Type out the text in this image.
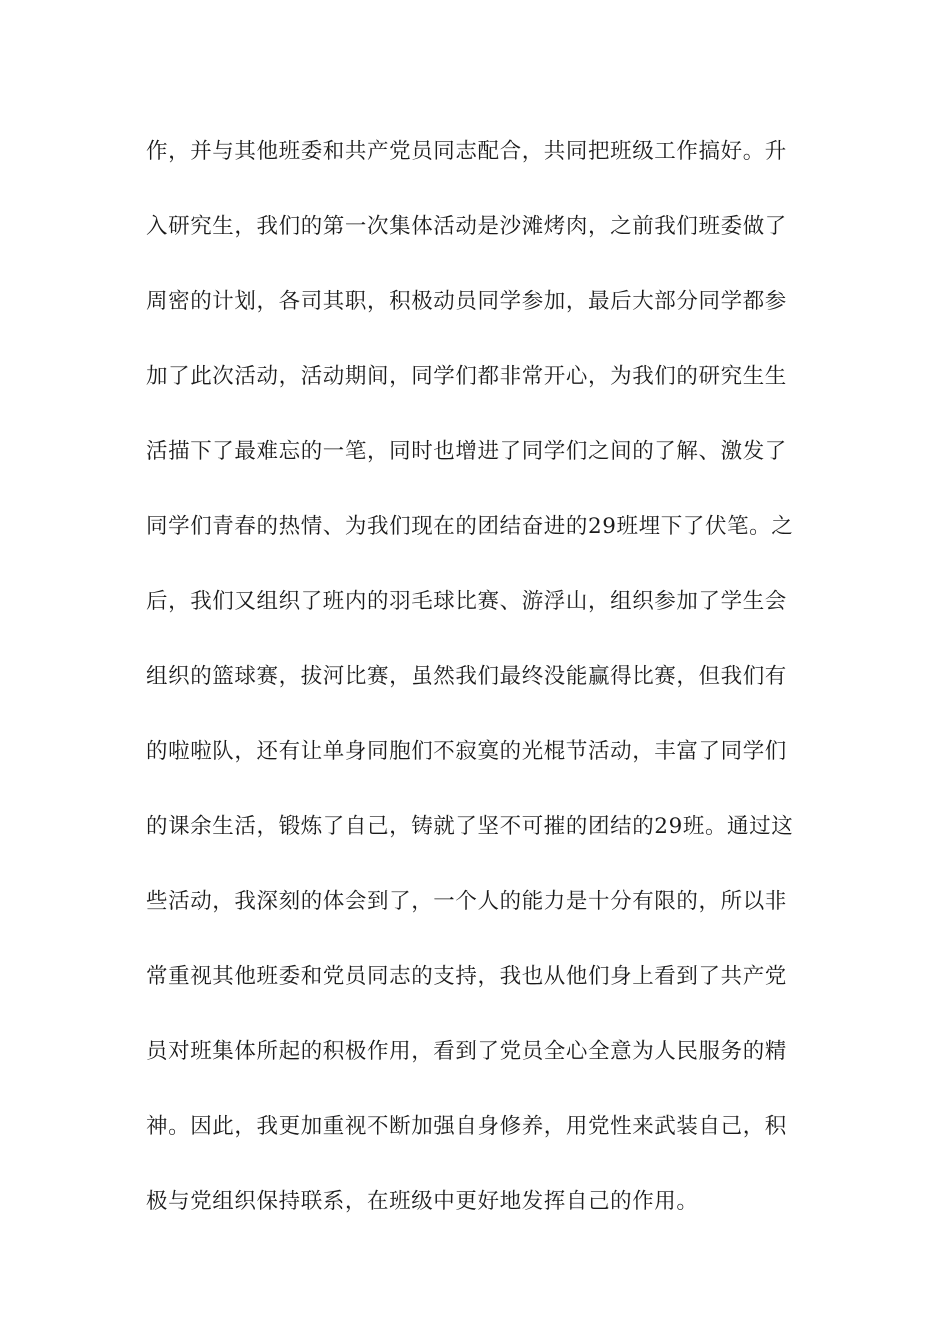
作，并与其他班委和共产党员同志配合，共同把班级工作搞好。升
入研究生，我们的第一次集体活动是沙滩烤肉，之前我们班委做了
周密的计划，各司其职，积极动员同学参加，最后大部分同学都参
加了此次活动，活动期间，同学们都非常开心，为我们的研究生生
活描下了最难忘的一笔，同时也增进了同学们之间的了解、激发了
同学们青春的热情、为我们现在的团结奋进的29班埋下了伏笔。之
后，我们又组织了班内的羽毛球比赛、游浮山，组织参加了学生会
组织的篮球赛，拔河比赛，虽然我们最终没能赢得比赛，但我们有
的啦啦队，还有让单身同胞们不寂寞的光棍节活动，丰富了同学们
的课余生活，锻炼了自己，铸就了坚不可摧的团结的29班。通过这
些活动，我深刻的体会到了，一个人的能力是十分有限的，所以非
常重视其他班委和党员同志的支持，我也从他们身上看到了共产党
员对班集体所起的积极作用，看到了党员全心全意为人民服务的精
神。因此，我更加重视不断加强自身修养，用党性来武装自己，积
极与党组织保持联系，在班级中更好地发挥自己的作用。
